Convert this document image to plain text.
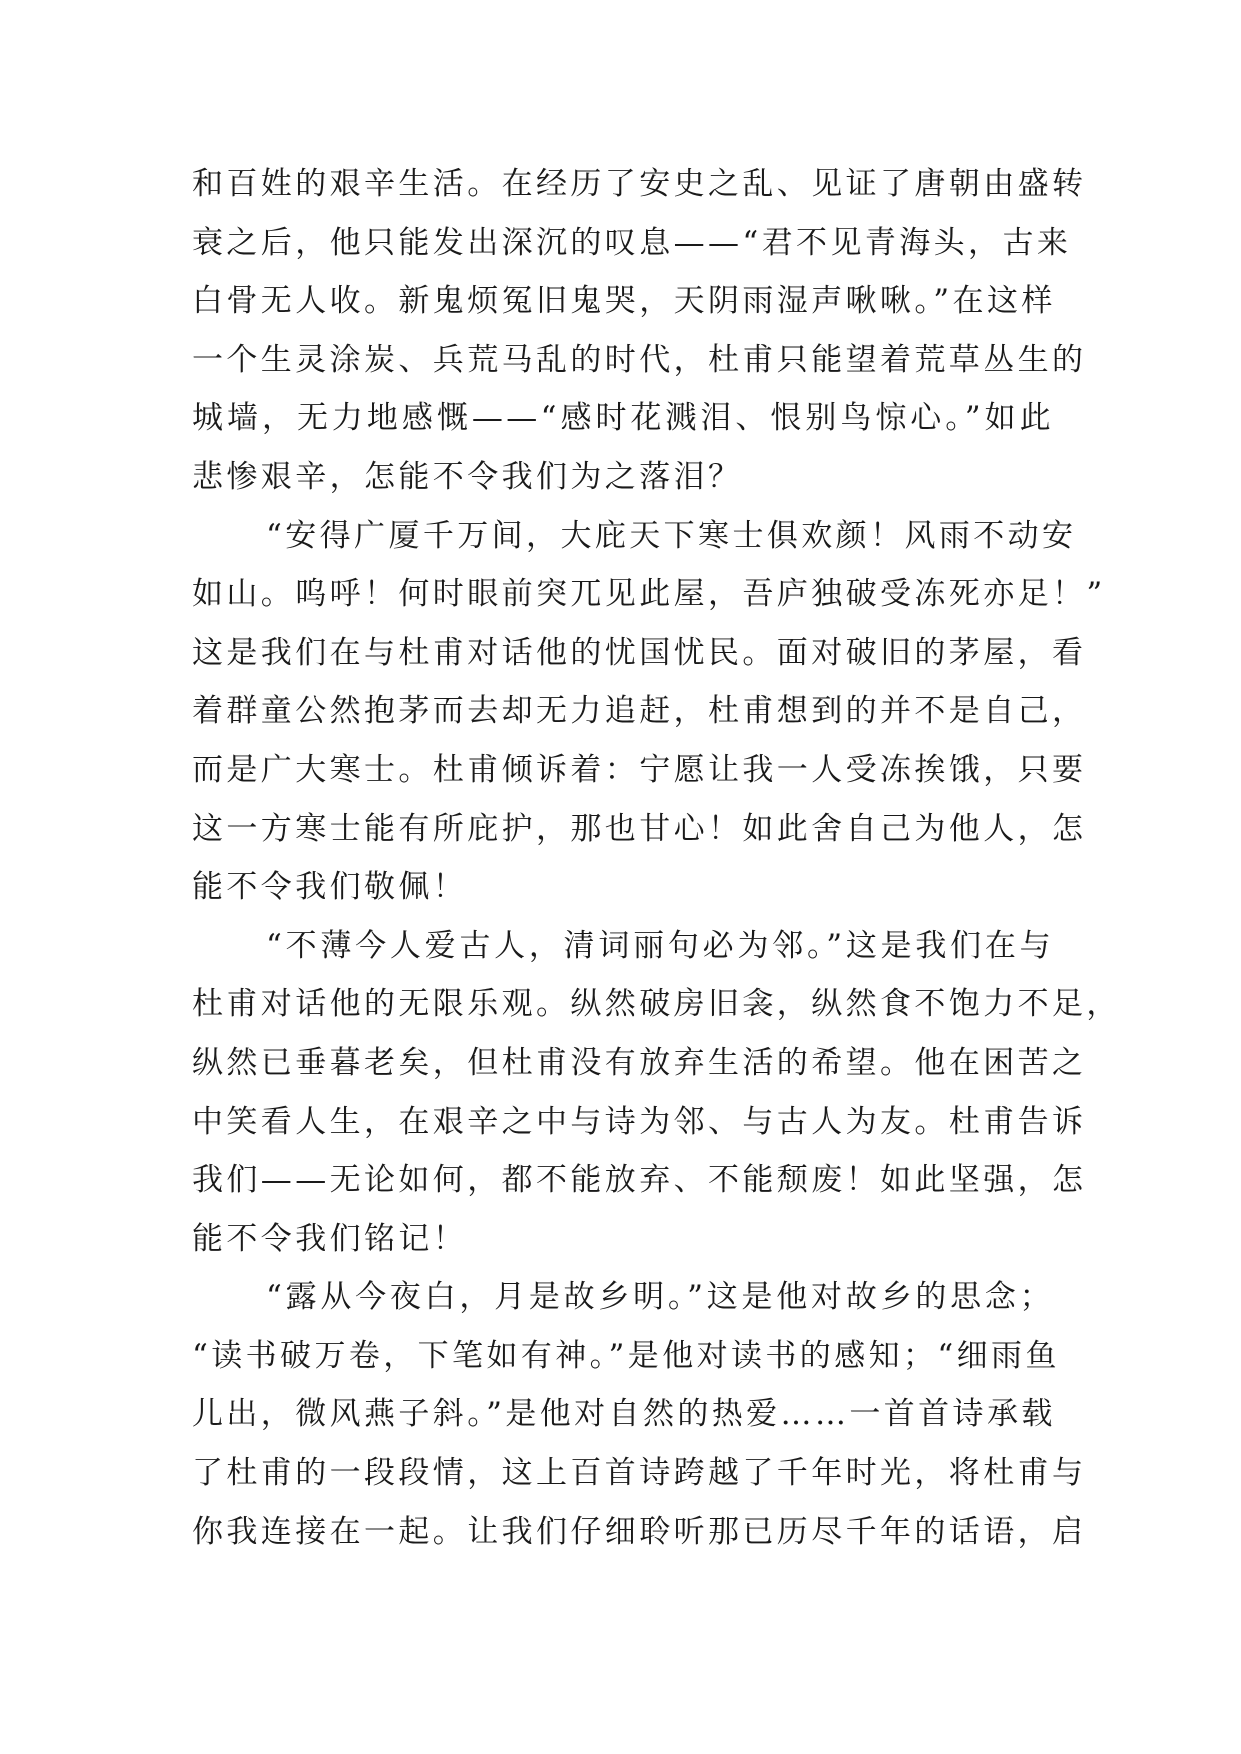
和百姓的艰辛生活。在经历了安史之乱、见证了唐朝由盛转
衰之后，他只能发出深沉的叹息——“君不见青海头，古来
白骨无人收。新鬼烦冤旧鬼哭，天阴雨湿声啾啾。”在这样
一个生灵涂炭、兵荒马乱的时代，杜甫只能望着荒草丛生的
城墙，无力地感慨——“感时花溅泪、恨别鸟惊心。”如此
悲惨艰辛，怎能不令我们为之落泪？
“安得广厦千万间，大庇天下寒士俱欢颜！风雨不动安
如山。呜呼！何时眼前突兀见此屋，吾庐独破受冻死亦足！”
这是我们在与杜甫对话他的忧国忧民。面对破旧的茅屋，看
着群童公然抱茅而去却无力追赶，杜甫想到的并不是自己，
而是广大寒士。杜甫倾诉着：宁愿让我一人受冻挨饿，只要
这一方寒士能有所庇护，那也甘心！如此舍自己为他人，怎
能不令我们敬佩！
“不薄今人爱古人，清词丽句必为邻。”这是我们在与
杜甫对话他的无限乐观。纵然破房旧衾，纵然食不饱力不足，
纵然已垂暮老矣，但杜甫没有放弃生活的希望。他在困苦之
中笑看人生，在艰辛之中与诗为邻、与古人为友。杜甫告诉
我们——无论如何，都不能放弃、不能颓废！如此坚强，怎
能不令我们铭记！
“露从今夜白，月是故乡明。”这是他对故乡的思念；
“读书破万卷，下笔如有神。”是他对读书的感知；“细雨鱼
儿出，微风燕子斜。”是他对自然的热爱……一首首诗承载
了杜甫的一段段情，这上百首诗跨越了千年时光，将杜甫与
你我连接在一起。让我们仔细聆听那已历尽千年的话语，启
